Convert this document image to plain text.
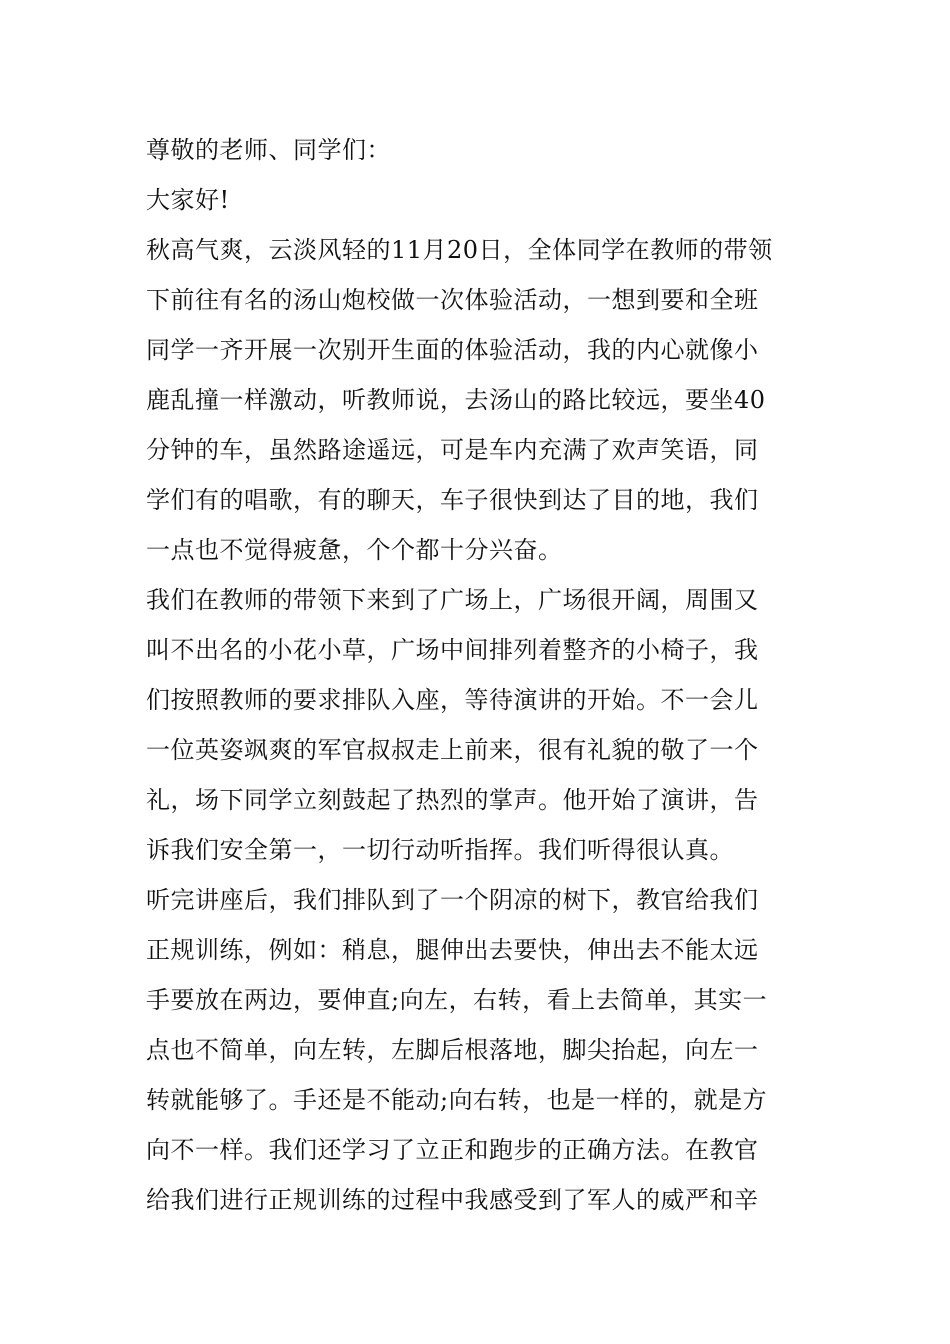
尊敬的老师、同学们：
大家好!
秋高气爽，云淡风轻的11月20日，全体同学在教师的带领
下前往有名的汤山炮校做一次体验活动，一想到要和全班
同学一齐开展一次别开生面的体验活动，我的内心就像小
鹿乱撞一样激动，听教师说，去汤山的路比较远，要坐40
分钟的车，虽然路途遥远，可是车内充满了欢声笑语，同
学们有的唱歌，有的聊天，车子很快到达了目的地，我们
一点也不觉得疲惫，个个都十分兴奋。
我们在教师的带领下来到了广场上，广场很开阔，周围又
叫不出名的小花小草，广场中间排列着整齐的小椅子，我
们按照教师的要求排队入座，等待演讲的开始。不一会儿
一位英姿飒爽的军官叔叔走上前来，很有礼貌的敬了一个
礼，场下同学立刻鼓起了热烈的掌声。他开始了演讲，告
诉我们安全第一，一切行动听指挥。我们听得很认真。
听完讲座后，我们排队到了一个阴凉的树下，教官给我们
正规训练，例如：稍息，腿伸出去要快，伸出去不能太远
手要放在两边，要伸直;向左，右转，看上去简单，其实一
点也不简单，向左转，左脚后根落地，脚尖抬起，向左一
转就能够了。手还是不能动;向右转，也是一样的，就是方
向不一样。我们还学习了立正和跑步的正确方法。在教官
给我们进行正规训练的过程中我感受到了军人的威严和辛
